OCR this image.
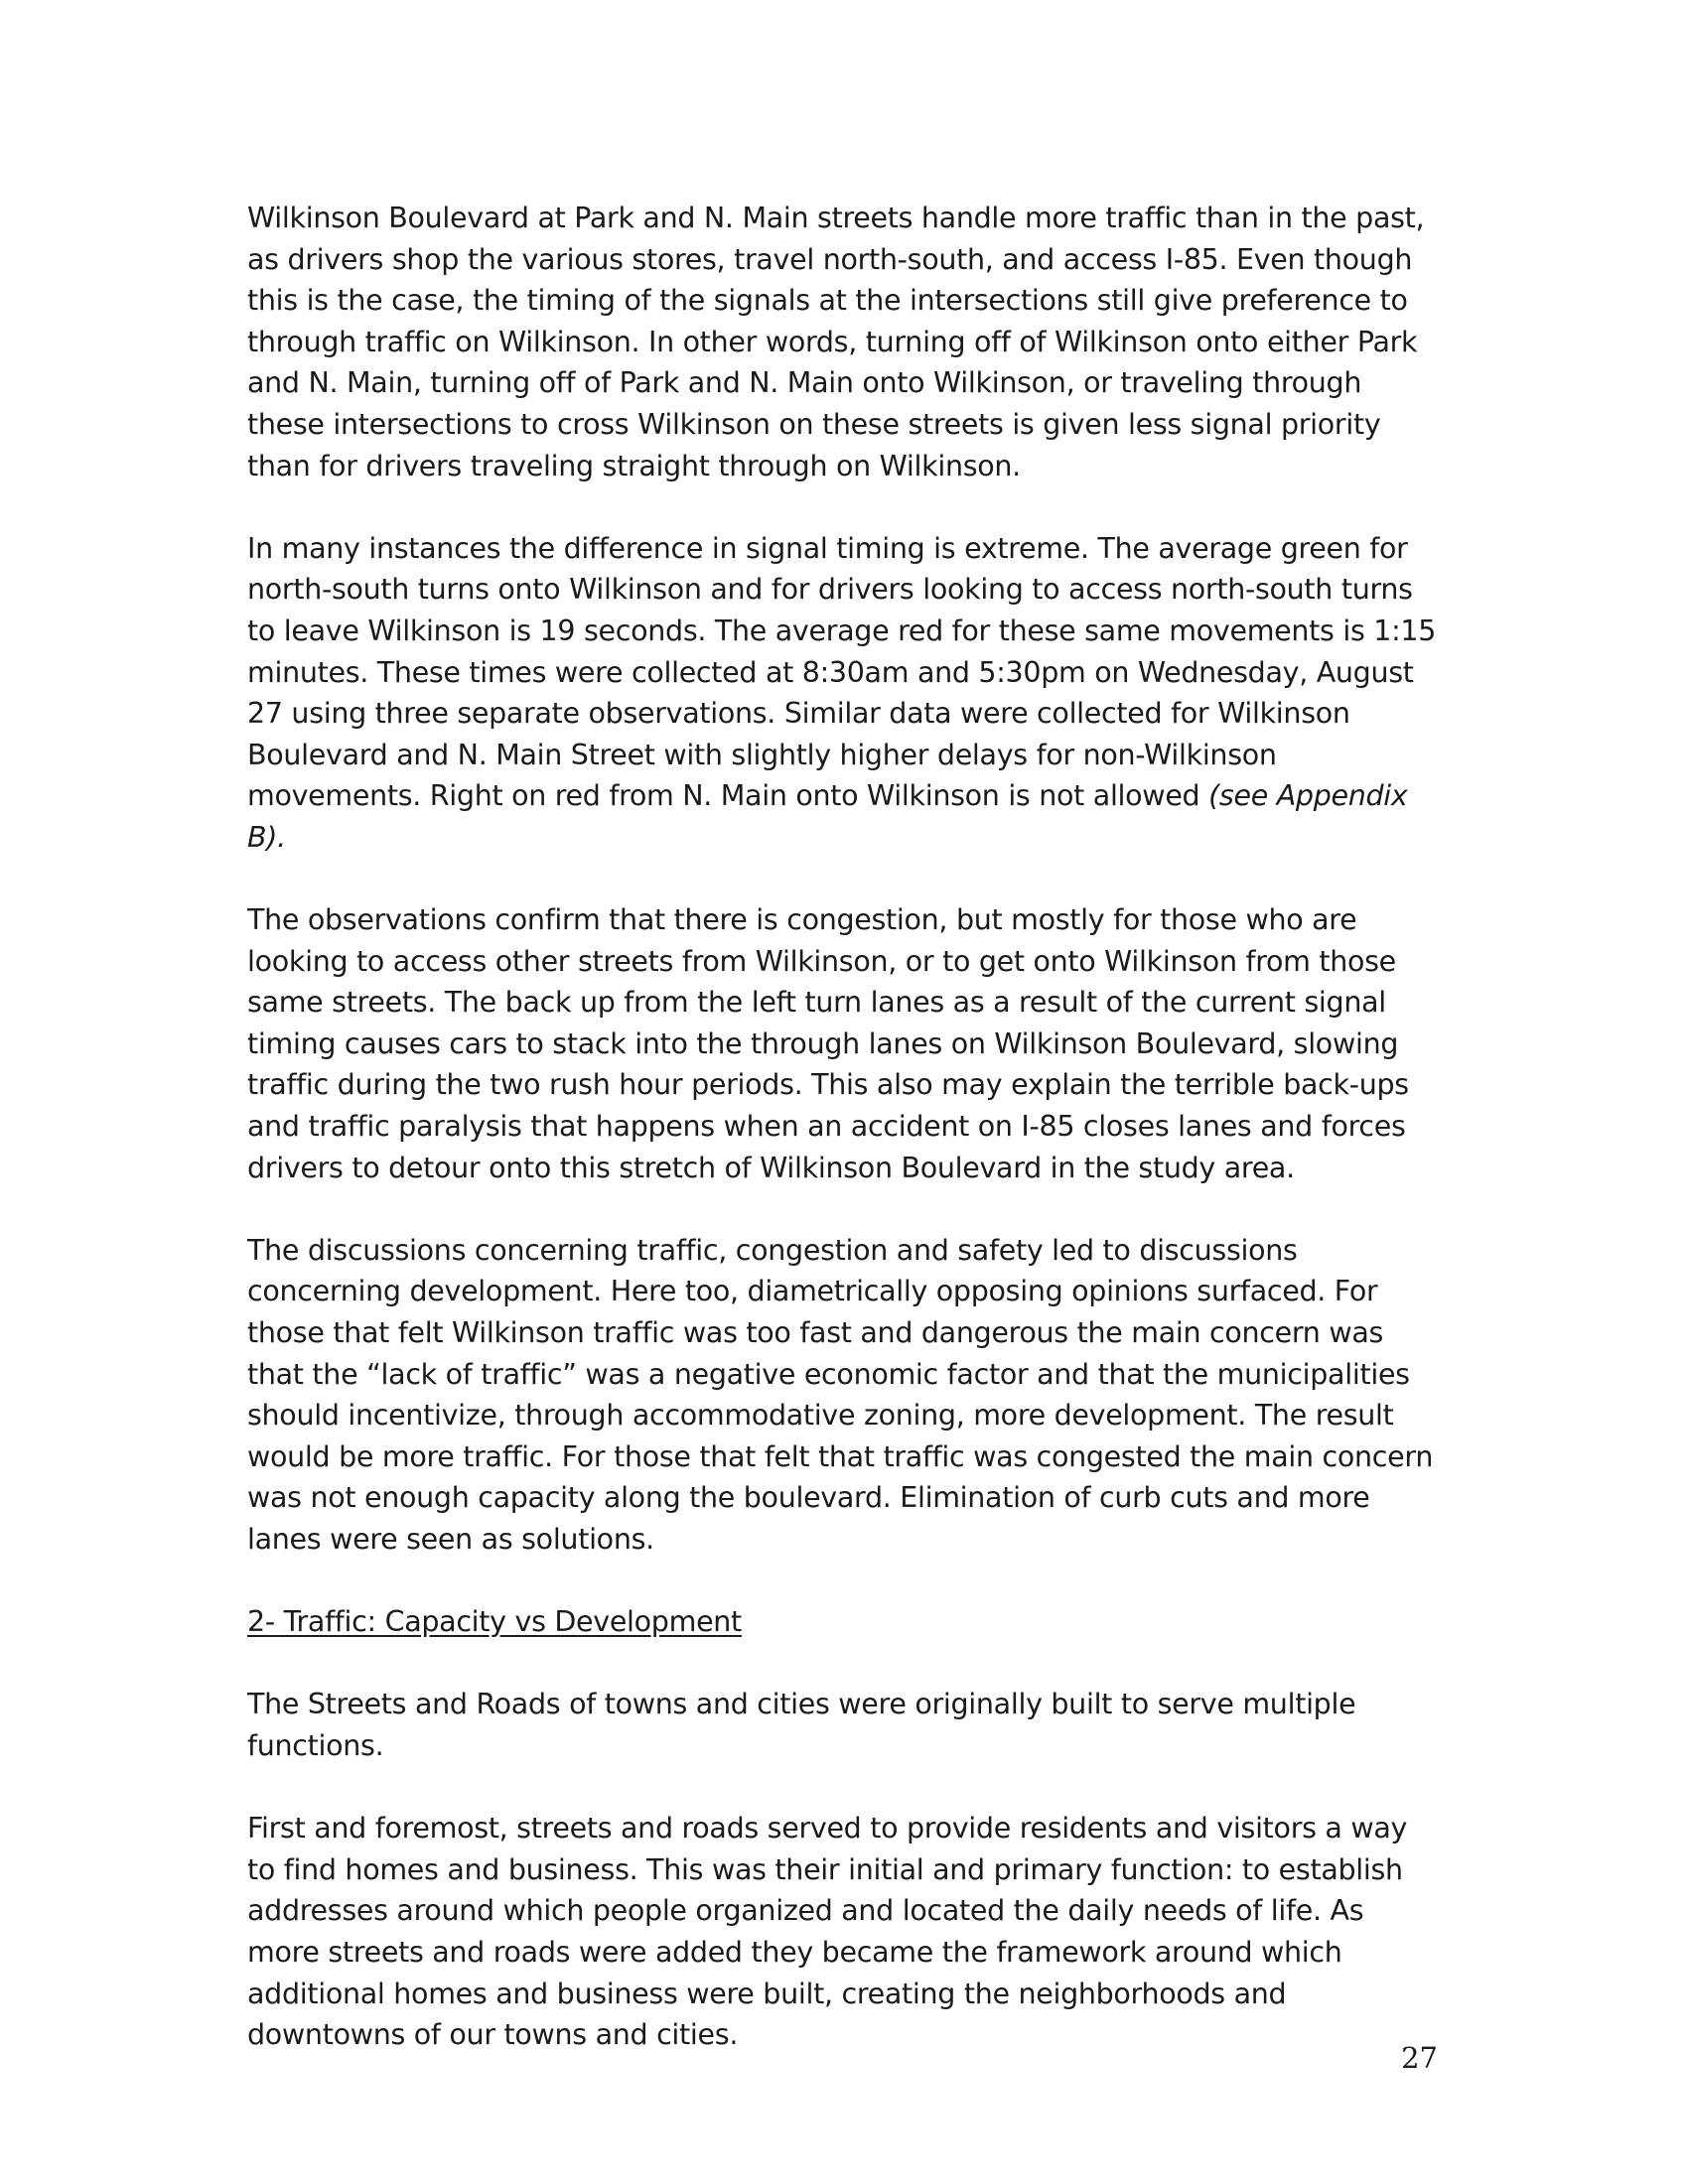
Wilkinson Boulevard at Park and N. Main streets handle more traffic than in the past, as drivers shop the various stores, travel north-south, and access I-85. Even though this is the case, the timing of the signals at the intersections still give preference to through traffic on Wilkinson. In other words, turning off of Wilkinson onto either Park and N. Main, turning off of Park and N. Main onto Wilkinson, or traveling through these intersections to cross Wilkinson on these streets is given less signal priority than for drivers traveling straight through on Wilkinson.

In many instances the difference in signal timing is extreme. The average green for north-south turns onto Wilkinson and for drivers looking to access north-south turns to leave Wilkinson is 19 seconds. The average red for these same movements is 1:15 minutes. These times were collected at 8:30am and 5:30pm on Wednesday, August 27 using three separate observations. Similar data were collected for Wilkinson Boulevard and N. Main Street with slightly higher delays for non-Wilkinson movements. Right on red from N. Main onto Wilkinson is not allowed (see Appendix B).

The observations confirm that there is congestion, but mostly for those who are looking to access other streets from Wilkinson, or to get onto Wilkinson from those same streets. The back up from the left turn lanes as a result of the current signal timing causes cars to stack into the through lanes on Wilkinson Boulevard, slowing traffic during the two rush hour periods. This also may explain the terrible back-ups and traffic paralysis that happens when an accident on I-85 closes lanes and forces drivers to detour onto this stretch of Wilkinson Boulevard in the study area.

The discussions concerning traffic, congestion and safety led to discussions concerning development. Here too, diametrically opposing opinions surfaced. For those that felt Wilkinson traffic was too fast and dangerous the main concern was that the “lack of traffic” was a negative economic factor and that the municipalities should incentivize, through accommodative zoning, more development. The result would be more traffic. For those that felt that traffic was congested the main concern was not enough capacity along the boulevard. Elimination of curb cuts and more lanes were seen as solutions.

2- Traffic: Capacity vs Development

The Streets and Roads of towns and cities were originally built to serve multiple functions.

First and foremost, streets and roads served to provide residents and visitors a way to find homes and business. This was their initial and primary function: to establish addresses around which people organized and located the daily needs of life. As more streets and roads were added they became the framework around which additional homes and business were built, creating the neighborhoods and downtowns of our towns and cities.

27
